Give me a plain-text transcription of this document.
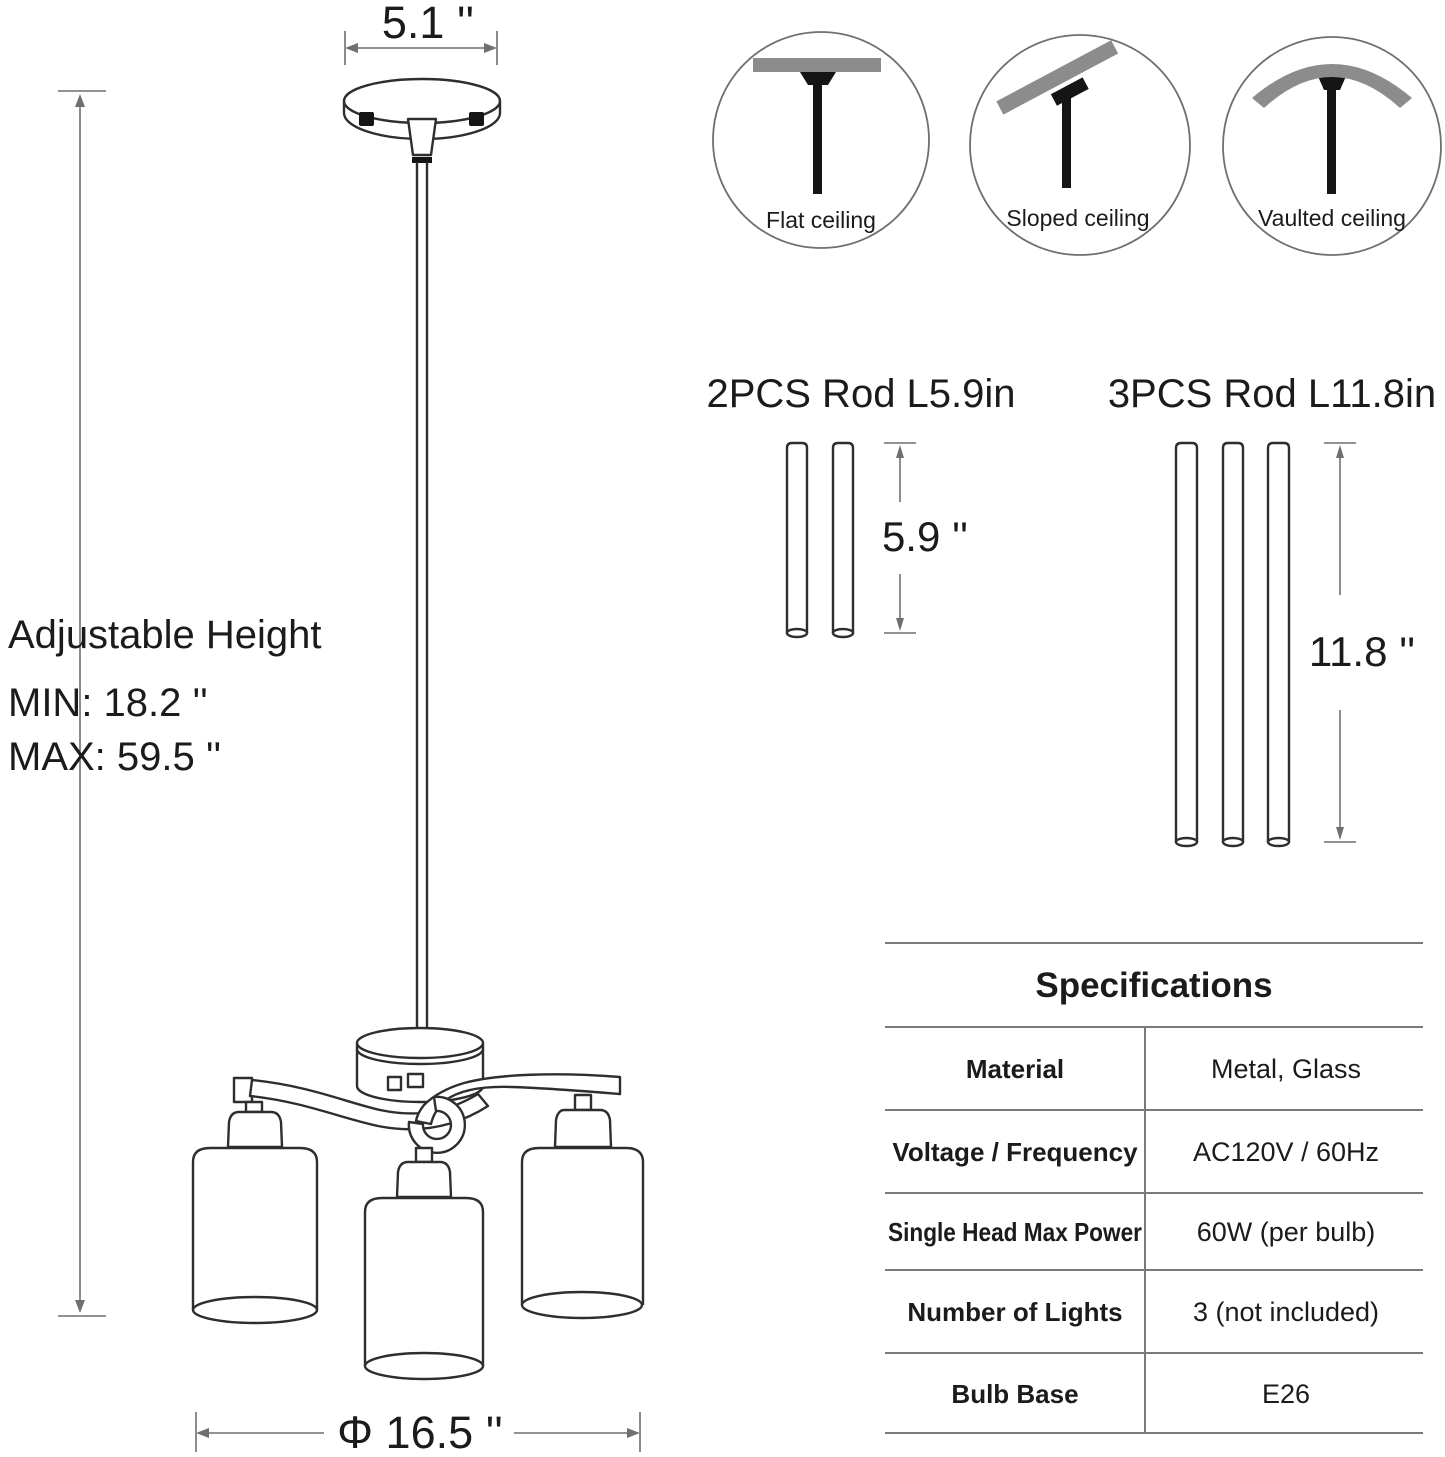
5.1 ''
Adjustable Height
MIN: 18.2 ''
MAX: 59.5 ''
Φ 16.5 ''
Flat ceiling	Sloped ceiling	Vaulted ceiling
2PCS Rod L5.9in
5.9 ''
3PCS Rod L11.8in
11.8 ''
Specifications
Material	Metal, Glass
Voltage / Frequency AC120V / 60Hz
Single Head Max Power 60W (per bulb)
Number of Lights	3 (not included)
Bulb Base	E26
